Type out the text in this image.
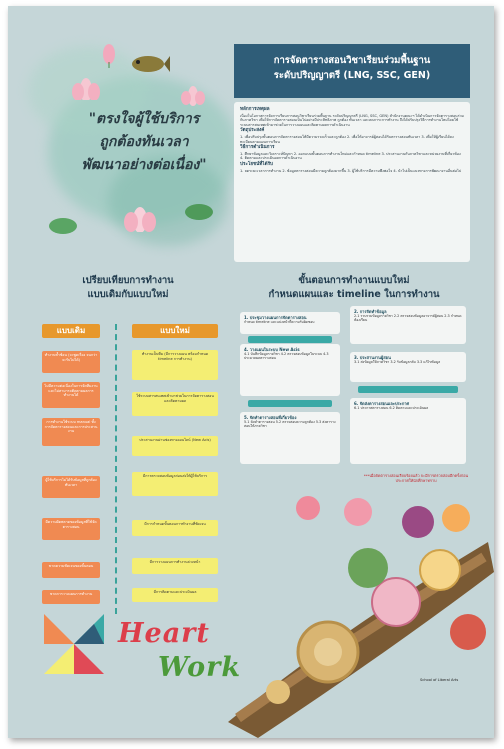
"ตรงใจผู้ใช้บริการ
ถูกต้องทันเวลา
พัฒนาอย่างต่อเนื่อง"
การจัดตารางสอนวิชาเรียนร่วมพื้นฐาน
ระดับปริญญาตรี (LNG, SSC, GEN)
หลักการเหตุผล

เนื่องในโอกาสการจัดการเรียนการสอนวิชาเรียนร่วมพื้นฐาน ระดับปริญญาตรี (LNG, SSC, GEN) สำนักงานคณะฯ ได้ดำเนินการจัดตารางสอนร่วมกับภาควิชา เพื่อให้การจัดตารางสอนเป็นไปอย่างมีประสิทธิภาพ ถูกต้อง ทันเวลา และลดภาระการทำงาน จึงได้ปรับปรุงวิธีการทำงานใหม่โดยใช้ระบบสารสนเทศเข้ามาช่วยในการวางแผนและติดตามผลการดำเนินงาน

วัตถุประสงค์

1. เพื่อปรับปรุงขั้นตอนการจัดตารางสอนให้มีความรวดเร็วและถูกต้อง 2. เพื่อให้อาจารย์ผู้สอนได้รับตารางสอนทันเวลา 3. เพื่อให้ผู้เรียนได้ลงทะเบียนตามแผนการเรียน

วิธีการดำเนินการ

1. ศึกษาข้อมูลและวิเคราะห์ปัญหา 2. ออกแบบขั้นตอนการทำงานใหม่และกำหนด timeline 3. ประสานงานกับภาควิชาและหน่วยงานที่เกี่ยวข้อง 4. ติดตามและประเมินผลการดำเนินงาน

ประโยชน์ที่ได้รับ

1. ลดระยะเวลาการทำงาน 2. ข้อมูลตารางสอนมีความถูกต้องมากขึ้น 3. ผู้ใช้บริการมีความพึงพอใจ 4. นำไปเป็นแนวทางการพัฒนางานอื่นต่อไป

เปรียบเทียบการทำงาน
แบบเดิมกับแบบใหม่
แบบเดิม	แบบใหม่
ทำงานซ้ำซ้อน (จะพูดเรื่อง จนกว่าจะรับไม่ได้)
ไม่มีความต่อเนื่องในการจัดทีมงาน และไม่สามารถติดตามผลการทำงานได้
การทำงานใช้ระบบ manual ทั้งการจัดตารางสอนและการประสานงาน
ผู้ใช้บริการไม่ได้รับข้อมูลที่ถูกต้องทันเวลา
มีความผิดพลาดของข้อมูลที่ใช้จัดตารางสอน
ขาดความชัดเจนของขั้นตอน
ขาดการวางแผนการทำงาน
ทำงานเป็นทีม (มีการวางแผน พร้อมกำหนด timeline การทำงาน)
ใช้ระบบสารสนเทศเข้ามาช่วยในการจัดตารางสอนและติดตามผล
ประสานงานผ่านช่องทางออนไลน์ (New Acis)
มีการตรวจสอบข้อมูลก่อนส่งให้ผู้ใช้บริการ
มีการกำหนดขั้นตอนการทำงานที่ชัดเจน
มีการวางแผนการทำงานล่วงหน้า
มีการติดตามและประเมินผล
ขั้นตอนการทำงานแบบใหม่
กำหนดแผนและ timeline ในการทำงาน
1. ประชุมวางแผนการจัดตารางสอน
กำหนด timeline และแบ่งหน้าที่ความรับผิดชอบ
2. การจัดทำข้อมูล
2.1 รวบรวมข้อมูลรายวิชา 2.2 ตรวจสอบข้อมูลอาจารย์ผู้สอน 2.3 กำหนดห้องเรียน
3. ประสานงานผู้สอน
3.1 ส่งข้อมูลให้ภาควิชา 3.2 รับข้อมูลกลับ 3.3 แก้ไขข้อมูล
4. วางแผนในระบบ New Acis
4.1 บันทึกข้อมูลรายวิชา 4.2 ตรวจสอบข้อมูลในระบบ 4.3 ประมวลผลตารางสอน
5. จัดทำตารางสอนที่เกี่ยวข้อง
5.1 จัดทำตารางสอน 5.2 ตรวจสอบความถูกต้อง 5.3 ส่งตารางสอนให้ภาควิชา
6. จัดส่งตารางสอนและประกาศ
6.1 ประกาศตารางสอน 6.2 ติดตามและประเมินผล
***เมื่อจัดตารางสอนเรียบร้อยแล้ว จะมีการตรวจสอบอีกครั้งก่อนประกาศให้นักศึกษาทราบ
Heart
Work	School of Liberal Arts
